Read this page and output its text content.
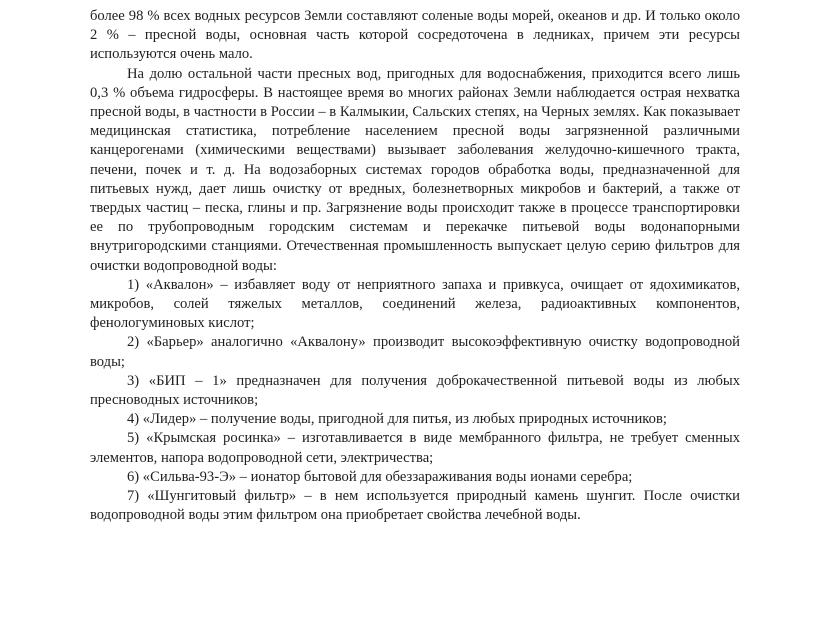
более 98 % всех водных ресурсов Земли составляют соленые воды морей, океанов и др. И только около 2 % – пресной воды, основная часть которой сосредоточена в ледниках, причем эти ресурсы используются очень мало.

На долю остальной части пресных вод, пригодных для водоснабжения, приходится всего лишь 0,3 % объема гидросферы. В настоящее время во многих районах Земли наблюдается острая нехватка пресной воды, в частности в России – в Калмыкии, Сальских степях, на Черных землях. Как показывает медицинская статистика, потребление населением пресной воды загрязненной различными канцерогенами (химическими веществами) вызывает заболевания желудочно-кишечного тракта, печени, почек и т. д. На водозаборных системах городов обработка воды, предназначенной для питьевых нужд, дает лишь очистку от вредных, болезнетворных микробов и бактерий, а также от твердых частиц – песка, глины и пр. Загрязнение воды происходит также в процессе транспортировки ее по трубопроводным городским системам и перекачке питьевой воды водонапорными внутригородскими станциями. Отечественная промышленность выпускает целую серию фильтров для очистки водопроводной воды:

1) «Аквалон» – избавляет воду от неприятного запаха и привкуса, очищает от ядохимикатов, микробов, солей тяжелых металлов, соединений железа, радиоактивных компонентов, фенологуминовых кислот;

2) «Барьер» аналогично «Аквалону» производит высокоэффективную очистку водопроводной воды;

3) «БИП – 1» предназначен для получения доброкачественной питьевой воды из любых пресноводных источников;

4) «Лидер» – получение воды, пригодной для питья, из любых природных источников;

5) «Крымская росинка» – изготавливается в виде мембранного фильтра, не требует сменных элементов, напора водопроводной сети, электричества;

6) «Сильва-93-Э» – ионатор бытовой для обеззараживания воды ионами серебра;

7) «Шунгитовый фильтр» – в нем используется природный камень шунгит. После очистки водопроводной воды этим фильтром она приобретает свойства лечебной воды.
